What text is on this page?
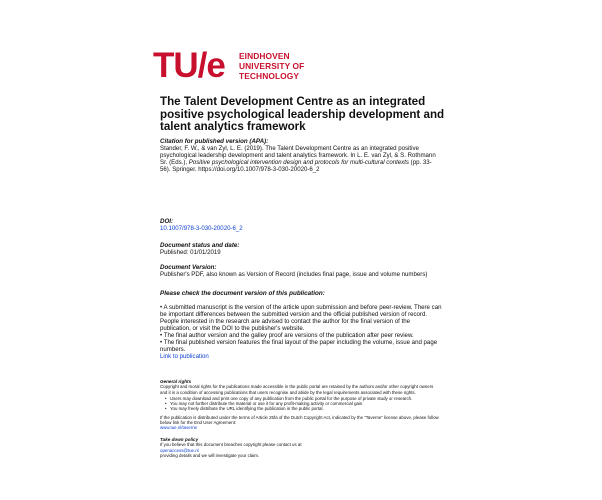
TU/e EINDHOVEN
UNIVERSITY OF
TECHNOLOGY
The Talent Development Centre as an integrated positive psychological leadership development and talent analytics framework
Citation for published version (APA):
Stander, F. W., & van Zyl, L. E. (2019). The Talent Development Centre as an integrated positive psychological leadership development and talent analytics framework. In L. E. van Zyl, & S. Rothmann Sr. (Eds.), Positive psychological intervention design and protocols for multi-cultural contexts (pp. 33-56). Springer. https://doi.org/10.1007/978-3-030-20020-6_2
DOI:
10.1007/978-3-030-20020-6_2
Document status and date:
Published: 01/01/2019
Document Version:
Publisher's PDF, also known as Version of Record (includes final page, issue and volume numbers)
Please check the document version of this publication:

• A submitted manuscript is the version of the article upon submission and before peer-review. There can be important differences between the submitted version and the official published version of record. People interested in the research are advised to contact the author for the final version of the publication, or visit the DOI to the publisher's website.

• The final author version and the galley proof are versions of the publication after peer review.

• The final published version features the final layout of the paper including the volume, issue and page numbers.

Link to publication

General rights
Copyright and moral rights for the publications made accessible in the public portal are retained by the authors and/or other copyright owners and it is a condition of accessing publications that users recognise and abide by the legal requirements associated with these rights.
• Users may download and print one copy of any publication from the public portal for the purpose of private study or research.
• You may not further distribute the material or use it for any profit-making activity or commercial gain
• You may freely distribute the URL identifying the publication in the public portal.
If the publication is distributed under the terms of Article 25fa of the Dutch Copyright Act, indicated by the “Taverne” license above, please follow below link for the End User Agreement:
www.tue.nl/taverne
Take down policy
If you believe that this document breaches copyright please contact us at
openaccess@tue.nl
providing details and we will investigate your claim.
